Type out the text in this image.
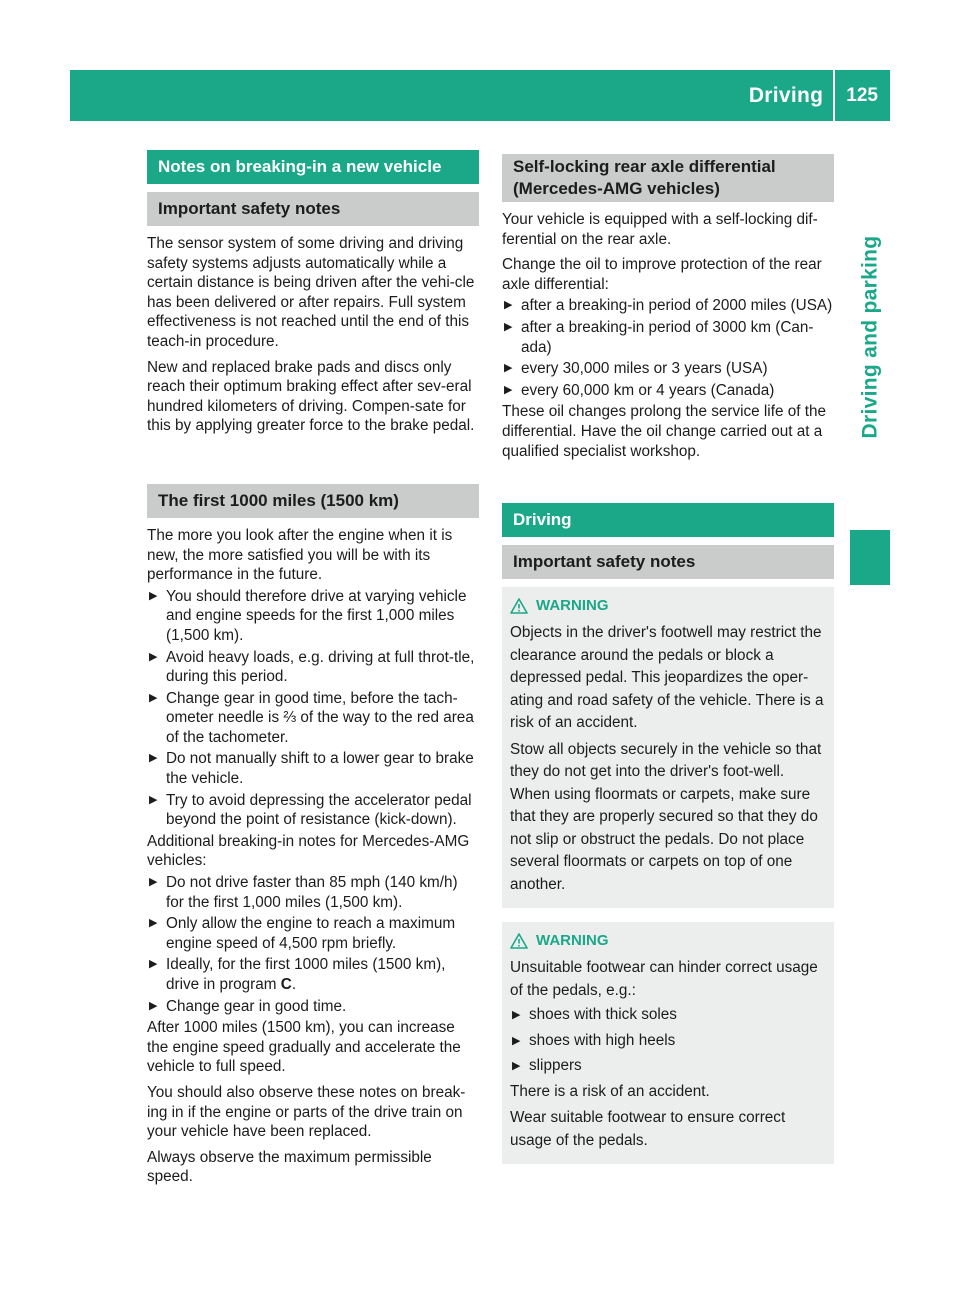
Driving	125
Driving and parking
Notes on breaking-in a new vehicle
Important safety notes

The sensor system of some driving and driving safety systems adjusts automatically while a certain distance is being driven after the vehi-cle has been delivered or after repairs. Full system effectiveness is not reached until the end of this teach-in procedure.

New and replaced brake pads and discs only reach their optimum braking effect after sev-eral hundred kilometers of driving. Compen-sate for this by applying greater force to the brake pedal.

The first 1000 miles (1500 km)

The more you look after the engine when it is new, the more satisfied you will be with its performance in the future.

▶ You should therefore drive at varying vehicle and engine speeds for the first 1,000 miles (1,500 km).
▶ Avoid heavy loads, e.g. driving at full throt-tle, during this period.
▶ Change gear in good time, before the tach-ometer needle is ⅔ of the way to the red area of the tachometer.
▶ Do not manually shift to a lower gear to brake the vehicle.
▶ Try to avoid depressing the accelerator pedal beyond the point of resistance (kick-down).

Additional breaking-in notes for Mercedes-AMG vehicles:

▶ Do not drive faster than 85 mph (140 km/h) for the first 1,000 miles (1,500 km).
▶ Only allow the engine to reach a maximum engine speed of 4,500 rpm briefly.
▶ Ideally, for the first 1000 miles (1500 km), drive in program C.
▶ Change gear in good time.

After 1000 miles (1500 km), you can increase the engine speed gradually and accelerate the vehicle to full speed.

You should also observe these notes on break-ing in if the engine or parts of the drive train on your vehicle have been replaced.

Always observe the maximum permissible speed.

Self-locking rear axle differential (Mercedes-AMG vehicles)

Your vehicle is equipped with a self-locking dif-ferential on the rear axle.

Change the oil to improve protection of the rear axle differential:

▶ after a breaking-in period of 2000 miles (USA)
▶ after a breaking-in period of 3000 km (Can-ada)
▶ every 30,000 miles or 3 years (USA)
▶ every 60,000 km or 4 years (Canada)

These oil changes prolong the service life of the differential. Have the oil change carried out at a qualified specialist workshop.

Driving
Important safety notes
WARNING

Objects in the driver's footwell may restrict the clearance around the pedals or block a depressed pedal. This jeopardizes the oper-ating and road safety of the vehicle. There is a risk of an accident.

Stow all objects securely in the vehicle so that they do not get into the driver's foot-well. When using floormats or carpets, make sure that they are properly secured so that they do not slip or obstruct the pedals. Do not place several floormats or carpets on top of one another.

WARNING

Unsuitable footwear can hinder correct usage of the pedals, e.g.:

▶ shoes with thick soles
▶ shoes with high heels
▶ slippers

There is a risk of an accident.

Wear suitable footwear to ensure correct usage of the pedals.
